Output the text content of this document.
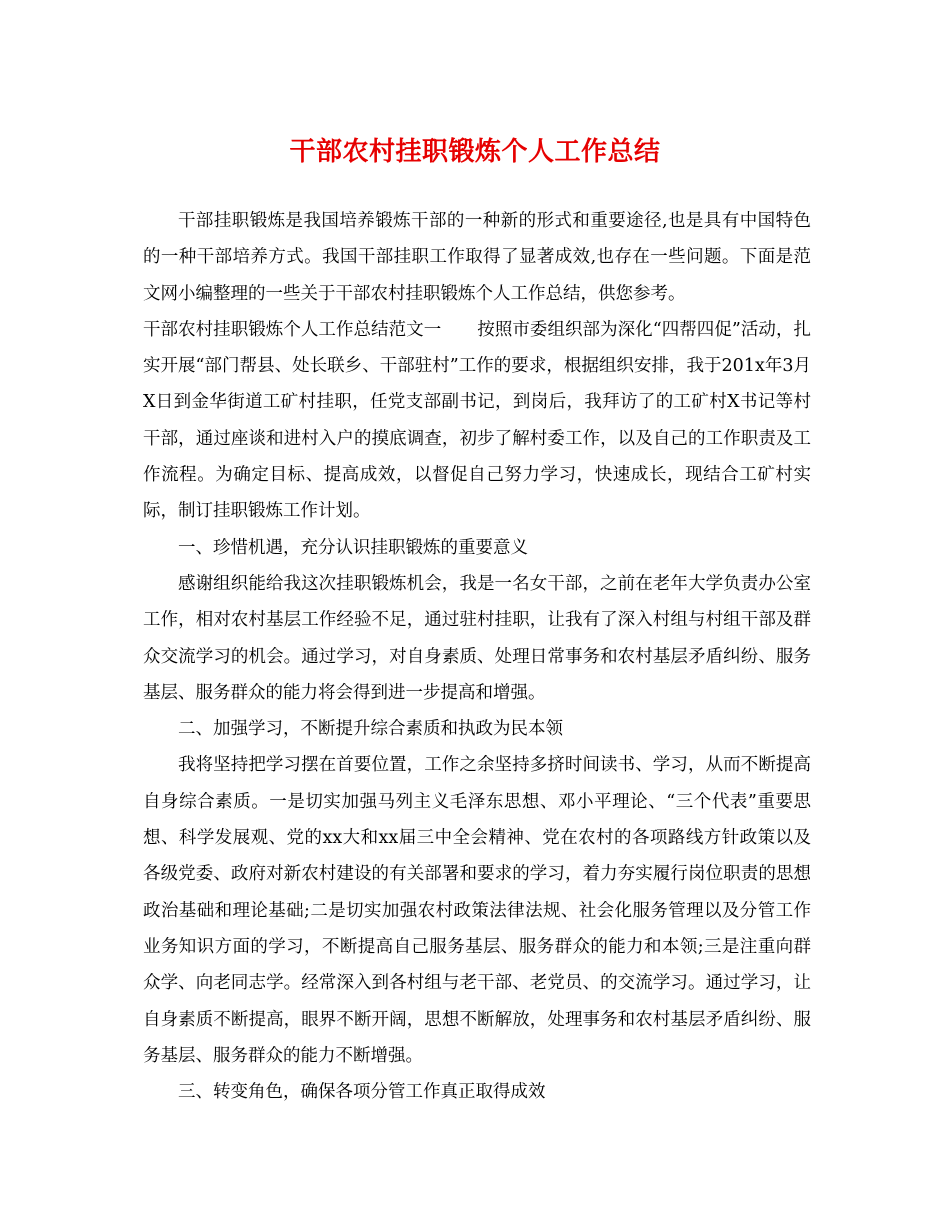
干部农村挂职锻炼个人工作总结

干部挂职锻炼是我国培养锻炼干部的一种新的形式和重要途径,也是具有中国特色的一种干部培养方式。我国干部挂职工作取得了显著成效,也存在一些问题。下面是范文网小编整理的一些关于干部农村挂职锻炼个人工作总结，供您参考。

干部农村挂职锻炼个人工作总结范文一 按照市委组织部为深化“四帮四促”活动，扎实开展“部门帮县、处长联乡、干部驻村”工作的要求，根据组织安排，我于201x年3月X日到金华街道工矿村挂职，任党支部副书记，到岗后，我拜访了的工矿村X书记等村干部，通过座谈和进村入户的摸底调查，初步了解村委工作，以及自己的工作职责及工作流程。为确定目标、提高成效，以督促自己努力学习，快速成长，现结合工矿村实际，制订挂职锻炼工作计划。

一、珍惜机遇，充分认识挂职锻炼的重要意义

感谢组织能给我这次挂职锻炼机会，我是一名女干部，之前在老年大学负责办公室工作，相对农村基层工作经验不足，通过驻村挂职，让我有了深入村组与村组干部及群众交流学习的机会。通过学习，对自身素质、处理日常事务和农村基层矛盾纠纷、服务基层、服务群众的能力将会得到进一步提高和增强。

二、加强学习，不断提升综合素质和执政为民本领

我将坚持把学习摆在首要位置，工作之余坚持多挤时间读书、学习，从而不断提高自身综合素质。一是切实加强马列主义毛泽东思想、邓小平理论、“三个代表”重要思想、科学发展观、党的xx大和xx届三中全会精神、党在农村的各项路线方针政策以及各级党委、政府对新农村建设的有关部署和要求的学习，着力夯实履行岗位职责的思想政治基础和理论基础;二是切实加强农村政策法律法规、社会化服务管理以及分管工作业务知识方面的学习，不断提高自己服务基层、服务群众的能力和本领;三是注重向群众学、向老同志学。经常深入到各村组与老干部、老党员、的交流学习。通过学习，让自身素质不断提高，眼界不断开阔，思想不断解放，处理事务和农村基层矛盾纠纷、服务基层、服务群众的能力不断增强。

三、转变角色，确保各项分管工作真正取得成效
